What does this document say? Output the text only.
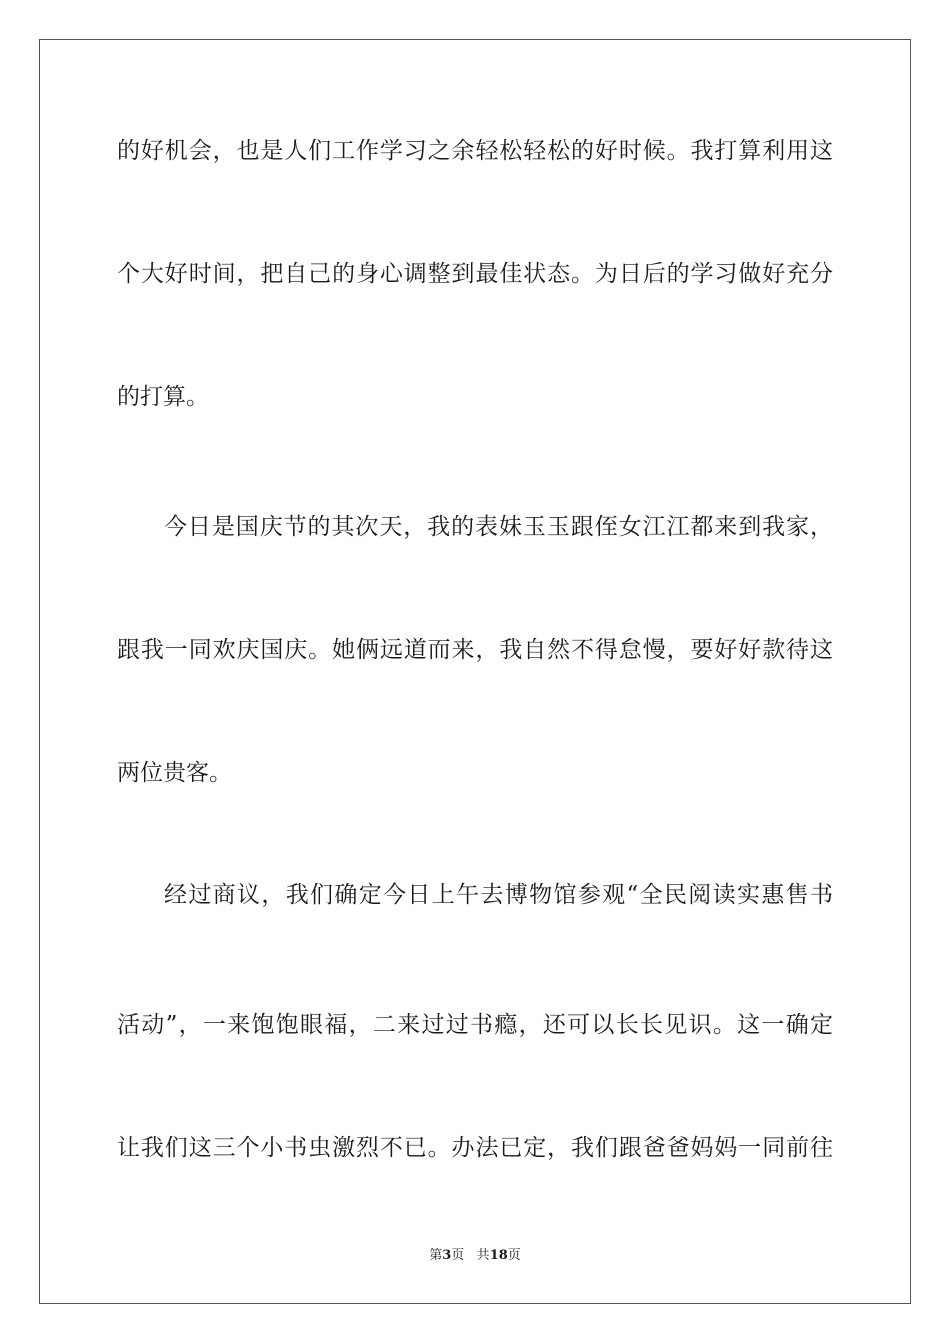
的好机会，也是人们工作学习之余轻松轻松的好时候。我打算利用这
个大好时间，把自己的身心调整到最佳状态。为日后的学习做好充分
的打算。
今日是国庆节的其次天，我的表妹玉玉跟侄女江江都来到我家，
跟我一同欢庆国庆。她俩远道而来，我自然不得怠慢，要好好款待这
两位贵客。
经过商议，我们确定今日上午去博物馆参观“全民阅读实惠售书
活动”，一来饱饱眼福，二来过过书瘾，还可以长长见识。这一确定
让我们这三个小书虫激烈不已。办法已定，我们跟爸爸妈妈一同前往
第3页 共18页
